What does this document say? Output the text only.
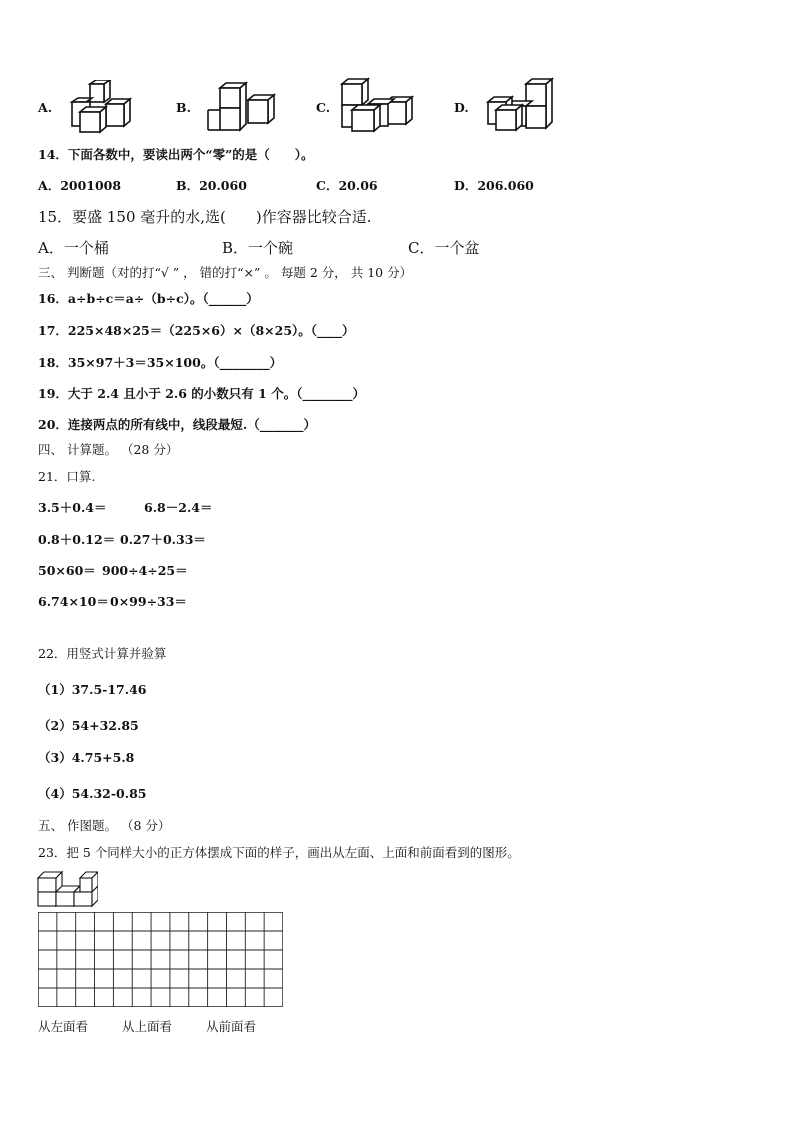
A.	B.	C.	D.
14．下面各数中，要读出两个“零”的是（　　）。
A．2001008	B．20.060	C．20.06	D．206.060
15．要盛 150 毫升的水,选(　　)作容器比较合适.
A．一个桶	B．一个碗	C．一个盆
三、 判断题（对的打“√ ” ， 错的打“×” 。 每题 2 分， 共 10 分）
16．a÷b÷c＝a÷（b÷c）。（______）
17．225×48×25＝（225×6）×（8×25）。（____）
18．35×97＋3＝35×100。（________）
19．大于 2.4 且小于 2.6 的小数只有 1 个。（________）
20．连接两点的所有线中，线段最短.（_______）
四、 计算题。 （28 分）
21．口算.
3.5＋0.4＝	6.8－2.4＝
0.8＋0.12＝ 0.27＋0.33＝
50×60＝ 900÷4÷25＝
6.74×10＝ 0×99÷33＝
22．用竖式计算并验算
（1）37.5-17.46
（2）54+32.85
（3）4.75+5.8
（4）54.32-0.85
五、 作图题。 （8 分）
23．把 5 个同样大小的正方体摆成下面的样子，画出从左面、上面和前面看到的图形。
从左面看	从上面看	从前面看
